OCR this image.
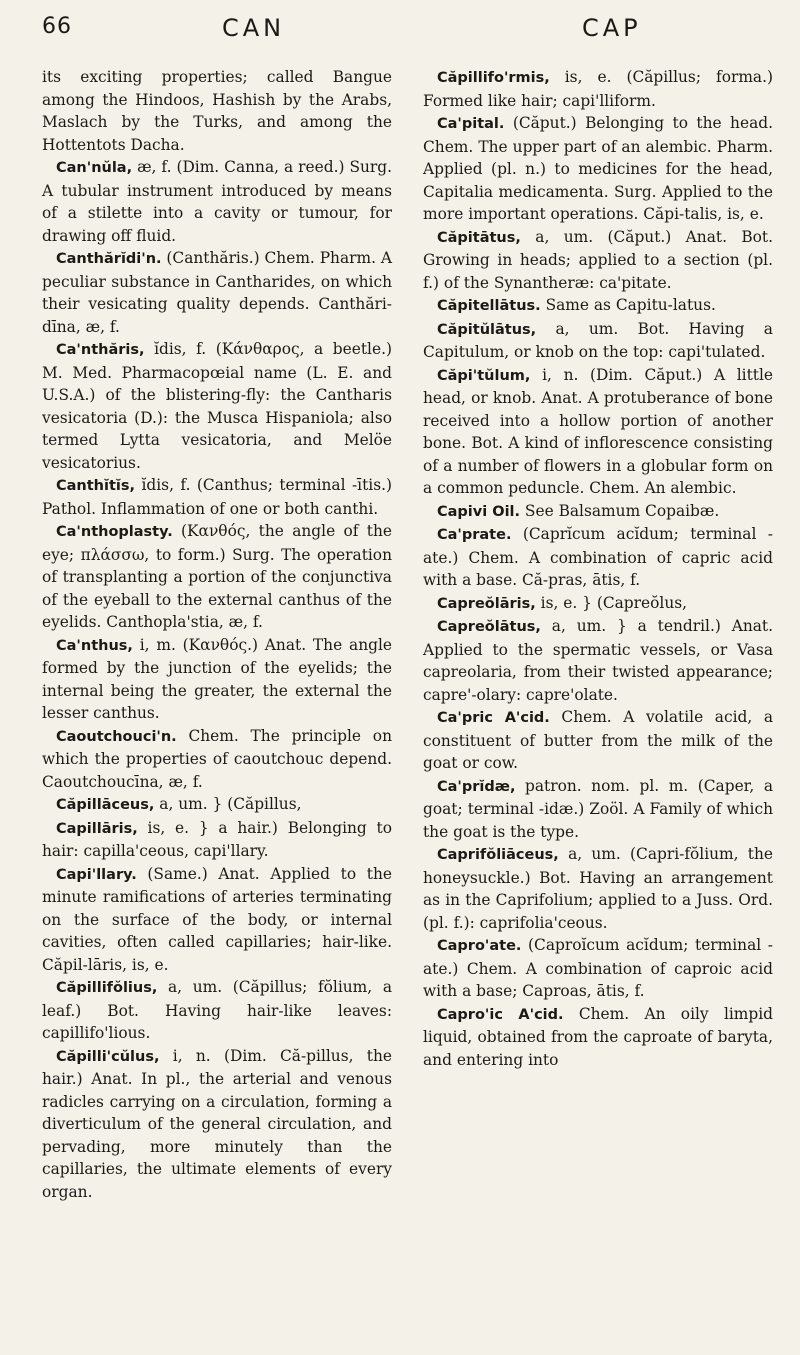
66	CAN	CAP

its exciting properties; called Bangue among the Hindoos, Hashish by the Arabs, Maslach by the Turks, and among the Hottentots Dacha.

Can'nŭla, æ, f. (Dim. Canna, a reed.) Surg. A tubular instrument introduced by means of a stilette into a cavity or tumour, for drawing off fluid.

Canthărĭdi'n. (Canthăris.) Chem. Pharm. A peculiar substance in Cantharides, on which their vesicating quality depends. Canthări-dīna, æ, f.

Ca'nthăris, ĭdis, f. (Κάνθαρος, a beetle.) M. Med. Pharmacopœial name (L. E. and U.S.A.) of the blistering-fly: the Cantharis vesicatoria (D.): the Musca Hispaniola; also termed Lytta vesicatoria, and Melöe vesicatorius.

Canthĭtĭs, ĭdis, f. (Canthus; terminal -ītis.) Pathol. Inflammation of one or both canthi.

Ca'nthoplasty. (Κανθός, the angle of the eye; πλάσσω, to form.) Surg. The operation of transplanting a portion of the conjunctiva of the eyeball to the external canthus of the eyelids. Canthopla'stia, æ, f.

Ca'nthus, i, m. (Κανθός.) Anat. The angle formed by the junction of the eyelids; the internal being the greater, the external the lesser canthus.

Caoutchouci'n. Chem. The principle on which the properties of caoutchouc depend. Caoutchoucīna, æ, f.

Căpillāceus, a, um. } (Căpillus,

Capillāris, is, e. } a hair.) Belonging to hair: capilla'ceous, capi'llary.

Capi'llary. (Same.) Anat. Applied to the minute ramifications of arteries terminating on the surface of the body, or internal cavities, often called capillaries; hair-like. Căpil-lāris, is, e.

Căpillifŏlius, a, um. (Căpillus; fŏlium, a leaf.) Bot. Having hair-like leaves: capillifo'lious.

Căpilli'cŭlus, i, n. (Dim. Că-pillus, the hair.) Anat. In pl., the arterial and venous radicles carrying on a circulation, forming a diverticulum of the general circulation, and pervading, more minutely than the capillaries, the ultimate elements of every organ.

Căpillifo'rmis, is, e. (Căpillus; forma.) Formed like hair; capi'lliform.

Ca'pital. (Căput.) Belonging to the head. Chem. The upper part of an alembic. Pharm. Applied (pl. n.) to medicines for the head, Capitalia medicamenta. Surg. Applied to the more important operations. Căpi-talis, is, e.

Căpitātus, a, um. (Căput.) Anat. Bot. Growing in heads; applied to a section (pl. f.) of the Synantheræ: ca'pitate.

Căpitellātus. Same as Capitu-latus.

Căpitŭlātus, a, um. Bot. Having a Capitulum, or knob on the top: capi'tulated.

Căpi'tŭlum, i, n. (Dim. Căput.) A little head, or knob. Anat. A protuberance of bone received into a hollow portion of another bone. Bot. A kind of inflorescence consisting of a number of flowers in a globular form on a common peduncle. Chem. An alembic.

Capivi Oil. See Balsamum Copaibæ.

Ca'prate. (Caprĭcum acĭdum; terminal -ate.) Chem. A combination of capric acid with a base. Că-pras, ātis, f.

Capreŏlāris, is, e. } (Capreŏlus,

Capreŏlātus, a, um. } a tendril.) Anat. Applied to the spermatic vessels, or Vasa capreolaria, from their twisted appearance; capre'-olary: capre'olate.

Ca'pric A'cid. Chem. A volatile acid, a constituent of butter from the milk of the goat or cow.

Ca'prĭdæ, patron. nom. pl. m. (Caper, a goat; terminal -idæ.) Zoöl. A Family of which the goat is the type.

Caprifŏliāceus, a, um. (Capri-fŏlium, the honeysuckle.) Bot. Having an arrangement as in the Caprifolium; applied to a Juss. Ord. (pl. f.): caprifolia'ceous.

Capro'ate. (Caproĭcum acĭdum; terminal -ate.) Chem. A combination of caproic acid with a base; Caproas, ātis, f.

Capro'ic A'cid. Chem. An oily limpid liquid, obtained from the caproate of baryta, and entering into
